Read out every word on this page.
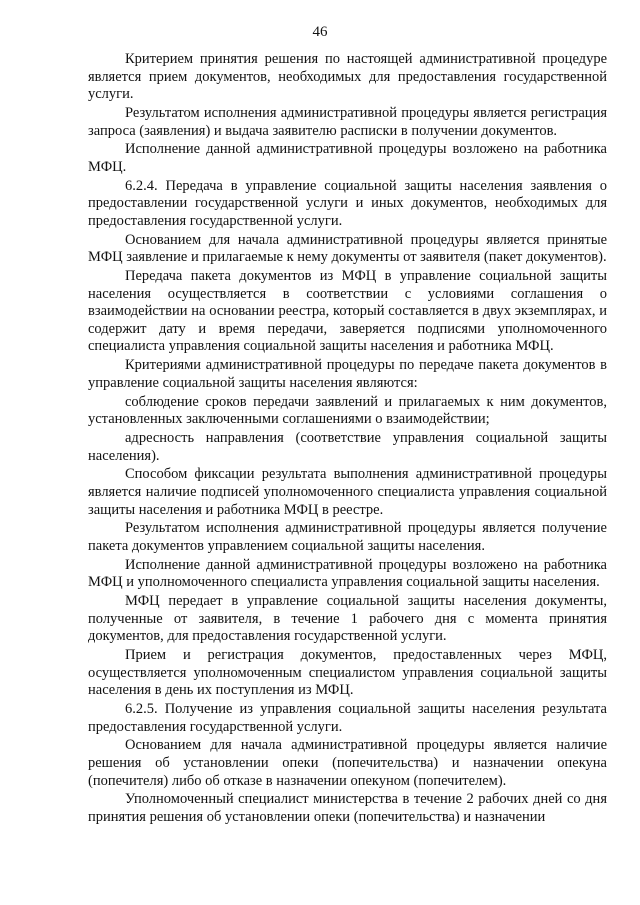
46

Критерием принятия решения по настоящей административной процедуре является прием документов, необходимых для предоставления государственной услуги.

Результатом исполнения административной процедуры является регистрация запроса (заявления) и выдача заявителю расписки в получении документов.

Исполнение данной административной процедуры возложено на работника МФЦ.

6.2.4. Передача в управление социальной защиты населения заявления о предоставлении государственной услуги и иных документов, необходимых для предоставления государственной услуги.

Основанием для начала административной процедуры является принятые МФЦ заявление и прилагаемые к нему документы от заявителя (пакет документов).

Передача пакета документов из МФЦ в управление социальной защиты населения осуществляется в соответствии с условиями соглашения о взаимодействии на основании реестра, который составляется в двух экземплярах, и содержит дату и время передачи, заверяется подписями уполномоченного специалиста управления социальной защиты населения и работника МФЦ.

Критериями административной процедуры по передаче пакета документов в управление социальной защиты населения являются:

соблюдение сроков передачи заявлений и прилагаемых к ним документов, установленных заключенными соглашениями о взаимодействии;

адресность направления (соответствие управления социальной защиты населения).

Способом фиксации результата выполнения административной процедуры является наличие подписей уполномоченного специалиста управления социальной защиты населения и работника МФЦ в реестре.

Результатом исполнения административной процедуры является получение пакета документов управлением социальной защиты населения.

Исполнение данной административной процедуры возложено на работника МФЦ и уполномоченного специалиста управления социальной защиты населения.

МФЦ передает в управление социальной защиты населения документы, полученные от заявителя, в течение 1 рабочего дня с момента принятия документов, для предоставления государственной услуги.

Прием и регистрация документов, предоставленных через МФЦ, осуществляется уполномоченным специалистом управления социальной защиты населения в день их поступления из МФЦ.

6.2.5. Получение из управления социальной защиты населения результата предоставления государственной услуги.

Основанием для начала административной процедуры является наличие решения об установлении опеки (попечительства) и назначении опекуна (попечителя) либо об отказе в назначении опекуном (попечителем).

Уполномоченный специалист министерства в течение 2 рабочих дней со дня принятия решения об установлении опеки (попечительства) и назначении
